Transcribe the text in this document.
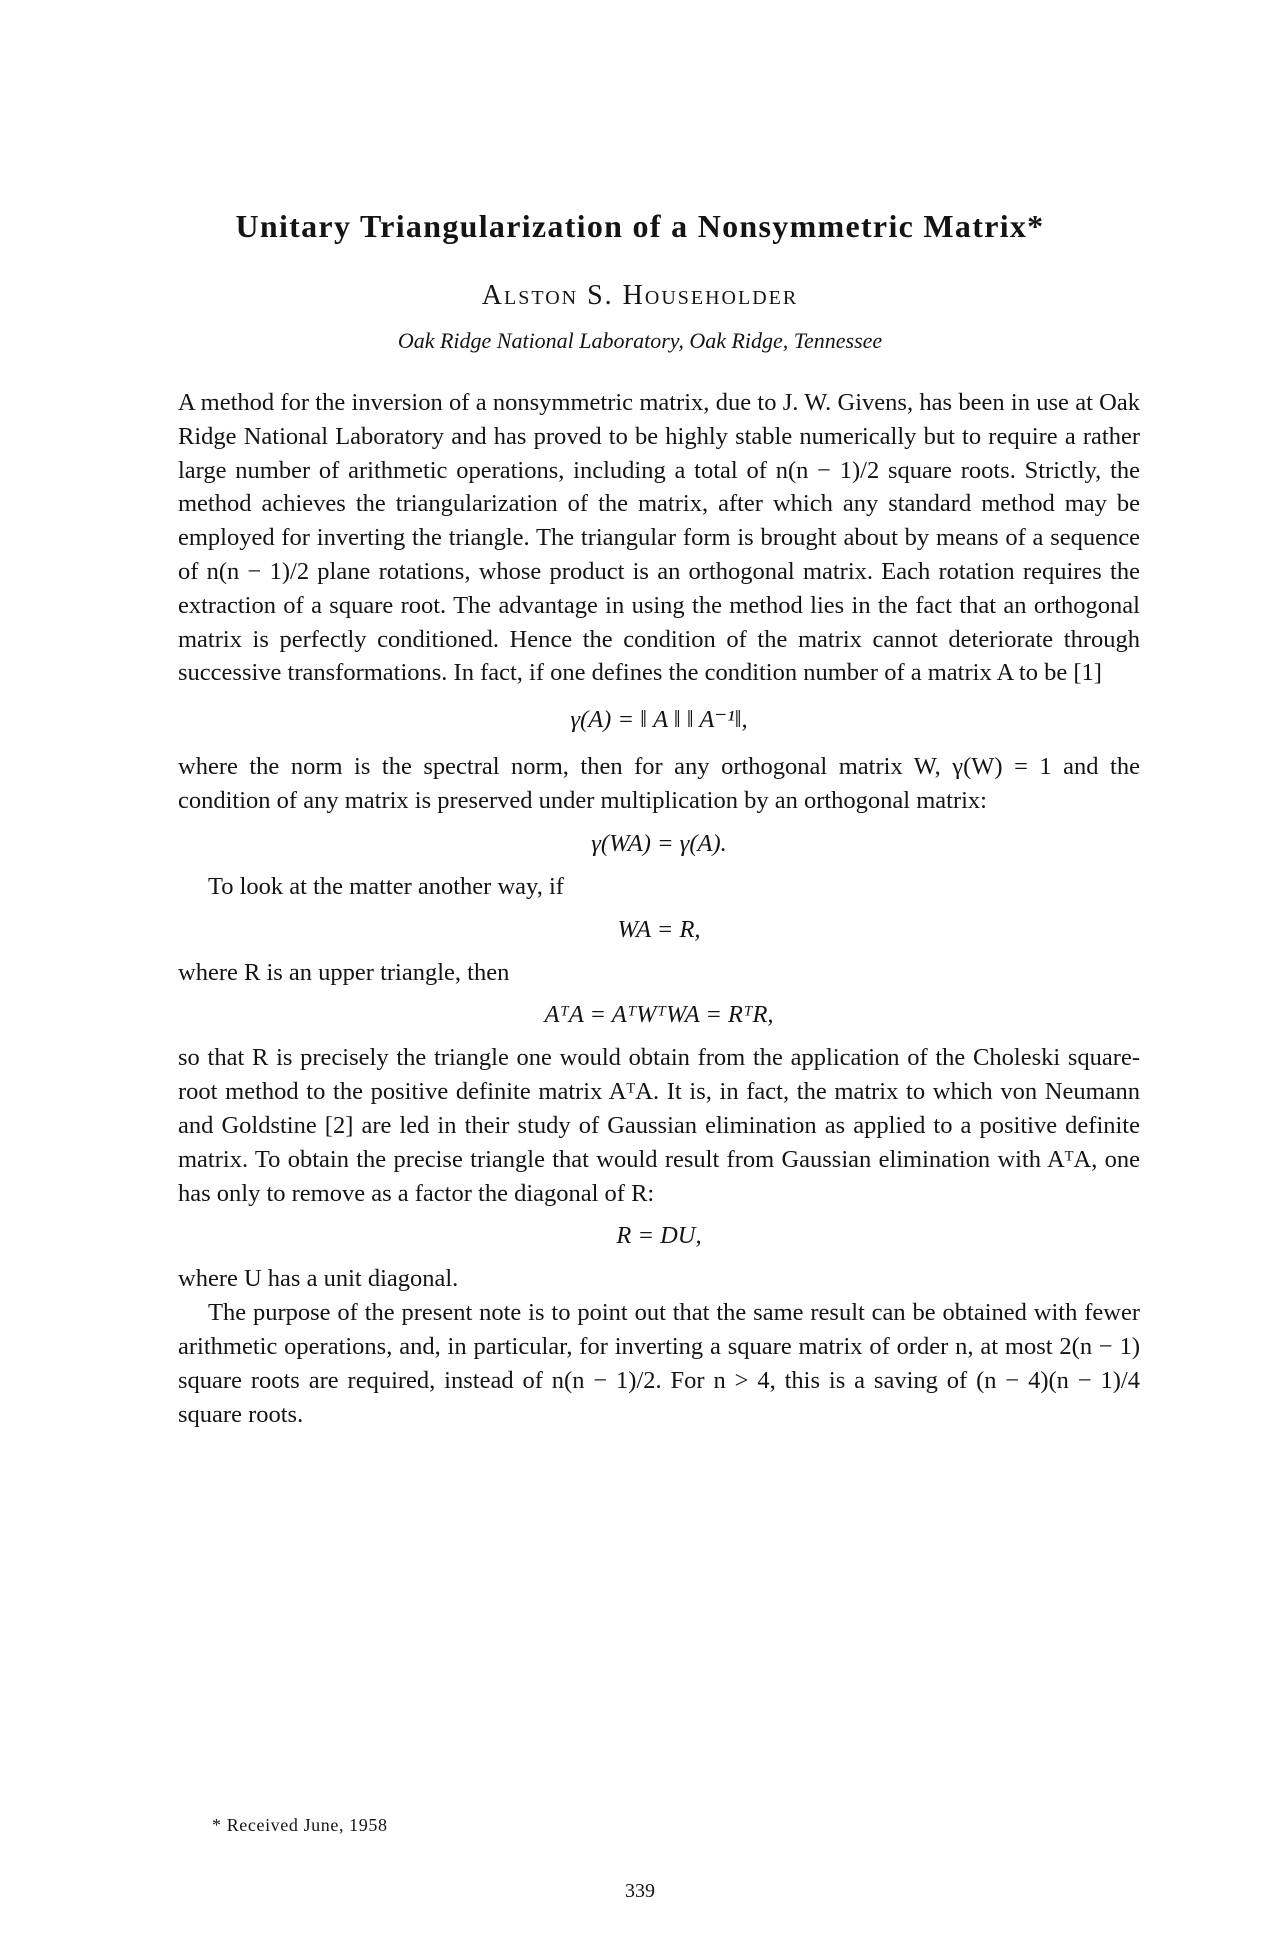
Unitary Triangularization of a Nonsymmetric Matrix*
Alston S. Householder
Oak Ridge National Laboratory, Oak Ridge, Tennessee

A method for the inversion of a nonsymmetric matrix, due to J. W. Givens, has been in use at Oak Ridge National Laboratory and has proved to be highly stable numerically but to require a rather large number of arithmetic operations, including a total of n(n − 1)/2 square roots. Strictly, the method achieves the triangularization of the matrix, after which any standard method may be employed for inverting the triangle. The triangular form is brought about by means of a sequence of n(n − 1)/2 plane rotations, whose product is an orthogonal matrix. Each rotation requires the extraction of a square root. The advantage in using the method lies in the fact that an orthogonal matrix is perfectly conditioned. Hence the condition of the matrix cannot deteriorate through successive transformations. In fact, if one defines the condition number of a matrix A to be [1]

γ(A) = ‖ A ‖ ‖ A⁻¹‖,

where the norm is the spectral norm, then for any orthogonal matrix W, γ(W) = 1 and the condition of any matrix is preserved under multiplication by an orthogonal matrix:

γ(WA) = γ(A).

To look at the matter another way, if

WA = R,

where R is an upper triangle, then

AᵀA = AᵀWᵀWA = RᵀR,

so that R is precisely the triangle one would obtain from the application of the Choleski square-root method to the positive definite matrix AᵀA. It is, in fact, the matrix to which von Neumann and Goldstine [2] are led in their study of Gaussian elimination as applied to a positive definite matrix. To obtain the precise triangle that would result from Gaussian elimination with AᵀA, one has only to remove as a factor the diagonal of R:

R = DU,

where U has a unit diagonal.

The purpose of the present note is to point out that the same result can be obtained with fewer arithmetic operations, and, in particular, for inverting a square matrix of order n, at most 2(n − 1) square roots are required, instead of n(n − 1)/2. For n > 4, this is a saving of (n − 4)(n − 1)/4 square roots.

* Received June, 1958
339
